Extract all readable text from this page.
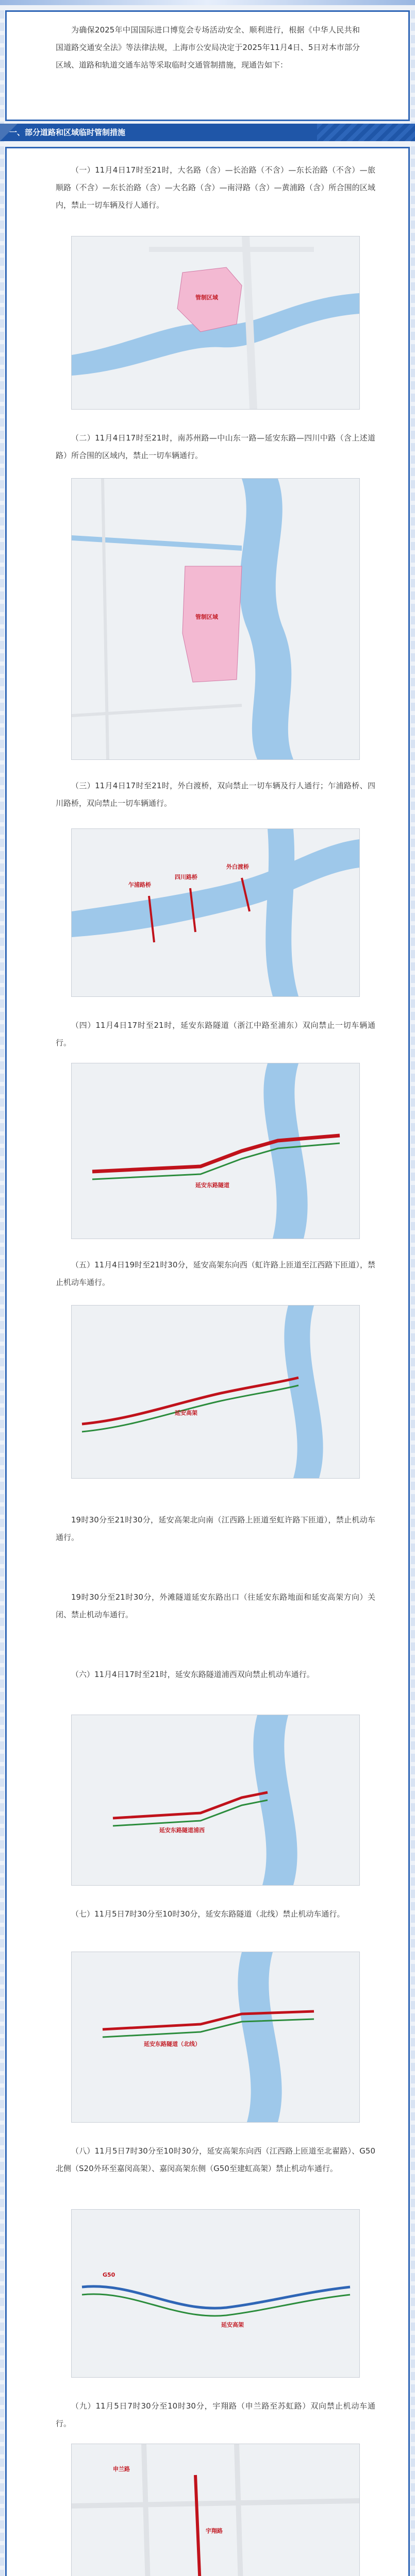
为确保2025年中国国际进口博览会专场活动安全、顺利进行，根据《中华人民共和国道路交通安全法》等法律法规，上海市公安局决定于2025年11月4日、5日对本市部分区域、道路和轨道交通车站等采取临时交通管制措施，现通告如下：
一、部分道路和区域临时管制措施
（一）11月4日17时至21时，大名路（含）—长治路（不含）—东长治路（不含）—旅顺路（不含）—东长治路（含）—大名路（含）—南浔路（含）—黄浦路（含）所合围的区域内，禁止一切车辆及行人通行。
管制区域
（二）11月4日17时至21时，南苏州路—中山东一路—延安东路—四川中路（含上述道路）所合围的区域内，禁止一切车辆通行。
管制区域
（三）11月4日17时至21时，外白渡桥，双向禁止一切车辆及行人通行；乍浦路桥、四川路桥，双向禁止一切车辆通行。
乍浦路桥
四川路桥
外白渡桥
（四）11月4日17时至21时，延安东路隧道（浙江中路至浦东）双向禁止一切车辆通行。
延安东路隧道
（五）11月4日19时至21时30分，延安高架东向西（虹许路上匝道至江西路下匝道），禁止机动车通行。
延安高架
19时30分至21时30分，延安高架北向南（江西路上匝道至虹许路下匝道），禁止机动车通行。
19时30分至21时30分，外滩隧道延安东路出口（往延安东路地面和延安高架方向）关闭、禁止机动车通行。
（六）11月4日17时至21时，延安东路隧道浦西双向禁止机动车通行。
延安东路隧道浦西
（七）11月5日7时30分至10时30分，延安东路隧道（北线）禁止机动车通行。
延安东路隧道（北线）
（八）11月5日7时30分至10时30分，延安高架东向西（江西路上匝道至北翟路）、G50北侧（S20外环至嘉闵高架）、嘉闵高架东侧（G50至建虹高架）禁止机动车通行。
延安高架
G50
（九）11月5日7时30分至10时30分，宇翔路（申兰路至苏虹路）双向禁止机动车通行。
宇翔路
申兰路
